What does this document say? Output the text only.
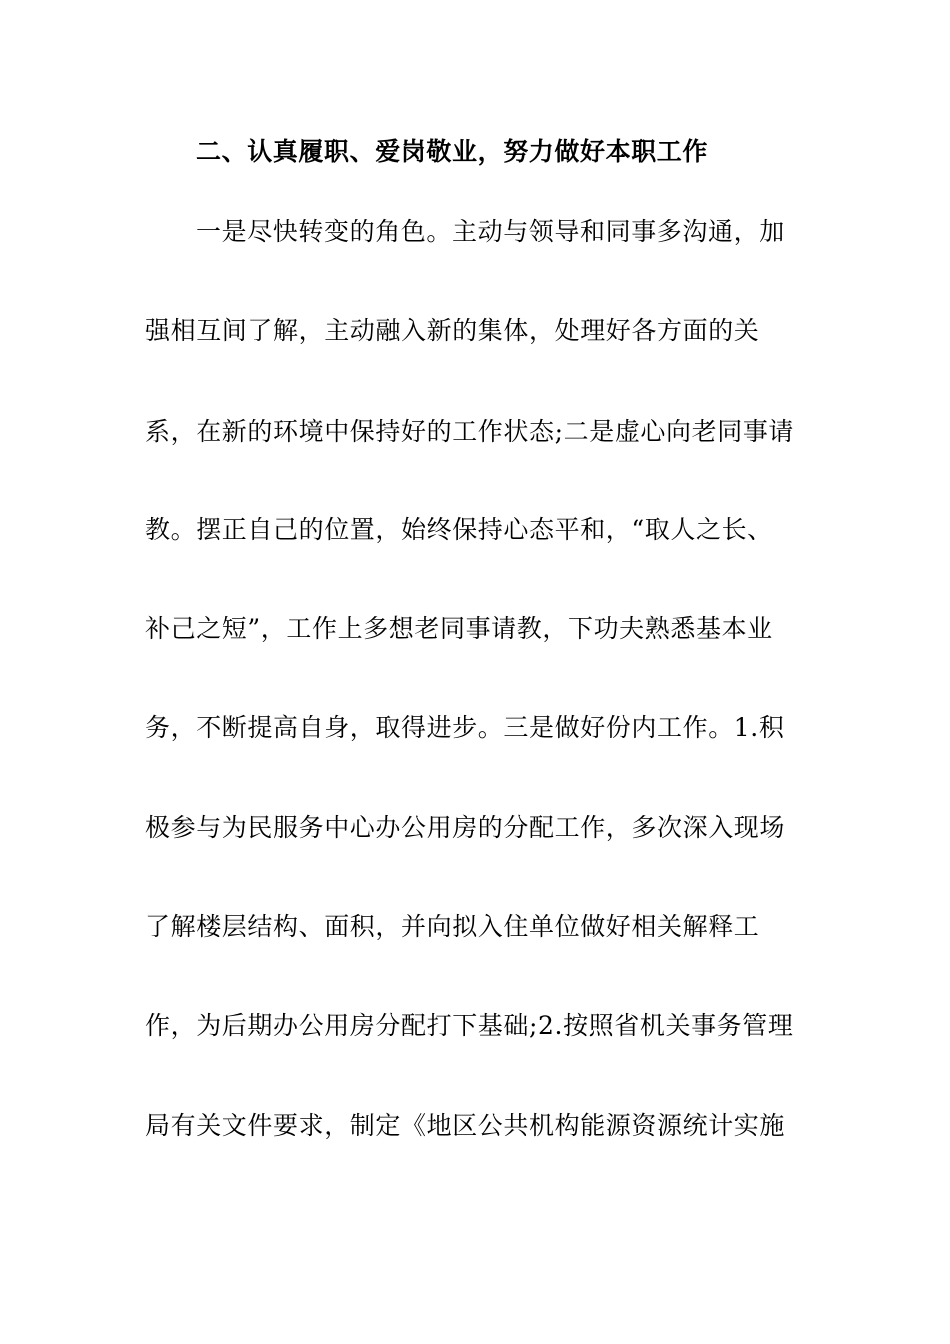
二、认真履职、爱岗敬业，努力做好本职工作
一是尽快转变的角色。主动与领导和同事多沟通，加
强相互间了解，主动融入新的集体，处理好各方面的关
系，在新的环境中保持好的工作状态;二是虚心向老同事请
教。摆正自己的位置，始终保持心态平和，“取人之长、
补己之短”，工作上多想老同事请教，下功夫熟悉基本业
务，不断提高自身，取得进步。三是做好份内工作。1.积
极参与为民服务中心办公用房的分配工作，多次深入现场
了解楼层结构、面积，并向拟入住单位做好相关解释工
作，为后期办公用房分配打下基础;2.按照省机关事务管理
局有关文件要求，制定《地区公共机构能源资源统计实施
